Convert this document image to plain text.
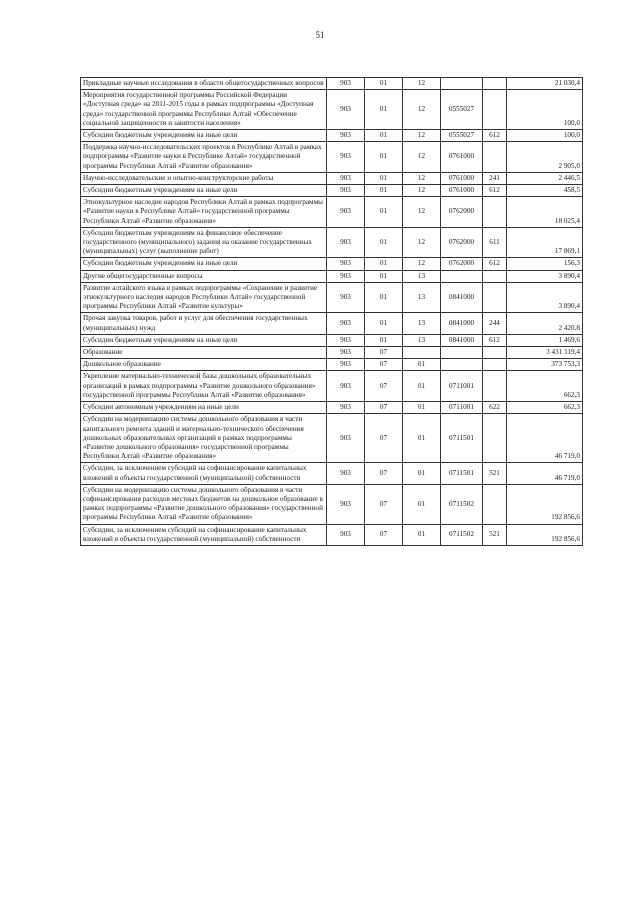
51
Прикладные научные исследования в области общегосударственных вопросов	903	01	12			21 030,4
Мероприятия государственной программы Российской Федерации «Доступная среда» на 2011-2015 годы в рамках подпрограммы «Доступная среда» государственной программы Республики Алтай «Обеспечение социальной защищенности и занятости населения»	903	01	12	0555027		100,0
Субсидии бюджетным учреждениям на иные цели	903	01	12	0555027	612	100,0
Поддержка научно-исследовательских проектов в Республике Алтай в рамках подпрограммы «Развитие науки в Республике Алтай» государственной программы Республики Алтай «Развитие образования»	903	01	12	0761000		2 905,0
Научно-исследовательские и опытно-конструкторские работы	903	01	12	0761000	241	2 446,5
Субсидии бюджетным учреждениям на иные цели	903	01	12	0761000	612	458,5
Этнокультурное наследие народов Республики Алтай в рамках подпрограммы «Развитие науки в Республике Алтай» государственной программы Республики Алтай «Развитие образования»	903	01	12	0762000		18 025,4
Субсидии бюджетным учреждениям на финансовое обеспечение государственного (муниципального) задания на оказание государственных (муниципальных) услуг (выполнение работ)	903	01	12	0762000	611	17 869,1
Субсидии бюджетным учреждениям на иные цели	903	01	12	0762000	612	156,3
Другие общегосударственные вопросы	903	01	13			3 890,4
Развитие алтайского языка в рамках подпрограммы «Сохранение и развитие этнокультурного наследия народов Республики Алтай» государственной программы Республики Алтай «Развитие культуры»	903	01	13	0841000		3 890,4
Прочая закупка товаров, работ и услуг для обеспечения государственных (муниципальных) нужд	903	01	13	0841000	244	2 420,8
Субсидии бюджетным учреждениям на иные цели	903	01	13	0841000	612	1 469,6
Образование	903	07				3 431 119,4
Дошкольное образование	903	07	01			373 753,3
Укрепление материально-технической базы дошкольных образовательных организаций в рамках подпрограммы «Развитие дошкольного образования» государственной программы Республики Алтай «Развитие образования»	903	07	01	0711001		662,3
Субсидии автономным учреждениям на иные цели	903	07	01	0711001	622	662,3
Субсидии на модернизацию системы дошкольного образования в части капитального ремонта зданий и материально-технического обеспечения дошкольных образовательных организаций в рамках подпрограммы «Развитие дошкольного образования» государственной программы Республики Алтай «Развитие образования»	903	07	01	0711501		46 719,0
Субсидии, за исключением субсидий на софинансирование капитальных вложений в объекты государственной (муниципальной) собственности	903	07	01	0711501	521	46 719,0
Субсидии на модернизацию системы дошкольного образования в части софинансирования расходов местных бюджетов на дошкольное образование в рамках подпрограммы «Развитие дошкольного образования» государственной программы Республики Алтай «Развитие образования»	903	07	01	0711502		192 856,6
Субсидии, за исключением субсидий на софинансирование капитальных вложений в объекты государственной (муниципальной) собственности	903	07	01	0711502	521	192 856,6
